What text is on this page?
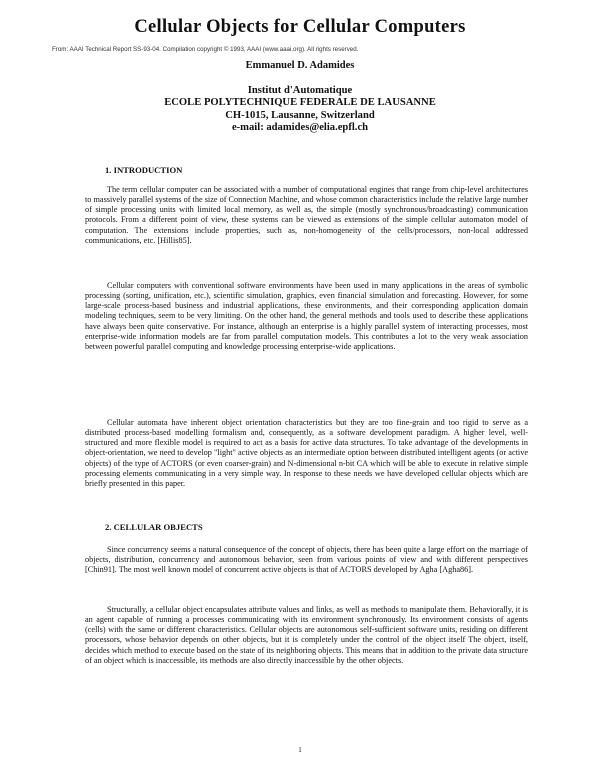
Cellular Objects for Cellular Computers
From: AAAI Technical Report SS-93-04. Compilation copyright © 1993, AAAI (www.aaai.org). All rights reserved.
Emmanuel D. Adamides
Institut d'Automatique
ECOLE POLYTECHNIQUE FEDERALE DE LAUSANNE
CH-1015, Lausanne, Switzerland
e-mail: adamides@elia.epfl.ch
1. INTRODUCTION
The term cellular computer can be associated with a number of computational engines that range from chip-level architectures to massively parallel systems of the size of Connection Machine, and whose common characteristics include the relative large number of simple processing units with limited local memory, as well as, the simple (mostly synchronous/broadcasting) communication protocols. From a different point of view, these systems can be viewed as extensions of the simple cellular automaton model of computation. The extensions include properties, such as, non-homogeneity of the cells/processors, non-local addressed communications, etc. [Hillis85].
Cellular computers with conventional software environments have been used in many applications in the areas of symbolic processing (sorting, unification, etc.), scientific simulation, graphics, even financial simulation and forecasting. However, for some large-scale process-based business and industrial applications, these environments, and their corresponding application domain modeling techniques, seem to be very limiting. On the other hand, the general methods and tools used to describe these applications have always been quite conservative. For instance, although an enterprise is a highly parallel system of interacting processes, most enterprise-wide information models are far from parallel computation models. This contributes a lot to the very weak association between powerful parallel computing and knowledge processing enterprise-wide applications.
Cellular automata have inherent object orientation characteristics but they are too fine-grain and too rigid to serve as a distributed process-based modelling formalism and, consequently, as a software development paradigm. A higher level, well-structured and more flexible model is required to act as a basis for active data structures. To take advantage of the developments in object-orientation, we need to develop "light" active objects as an intermediate option between distributed intelligent agents (or active objects) of the type of ACTORS (or even coarser-grain) and N-dimensional n-bit CA which will be able to execute in relative simple processing elements communicating in a very simple way. In response to these needs we have developed cellular objects which are briefly presented in this paper.
2. CELLULAR OBJECTS
Since concurrency seems a natural consequence of the concept of objects, there has been quite a large effort on the marriage of objects, distribution, concurrency and autonomous behavior, seen from various points of view and with different perspectives [Chin91]. The most well known model of concurrent active objects is that of ACTORS developed by Agha [Agha86].
Structurally, a cellular object encapsulates attribute values and links, as well as methods to manipulate them. Behaviorally, it is an agent capable of running a processes communicating with its environment synchronously. Its environment consists of agents (cells) with the same or different characteristics. Cellular objects are autonomous self-sufficient software units, residing on different processors, whose behavior depends on other objects, but it is completely under the control of the object itself The object, itself, decides which method to execute based on the state of its neighboring objects. This means that in addition to the private data structure of an object which is inaccessible, its methods are also directly inaccessible by the other objects.
1
